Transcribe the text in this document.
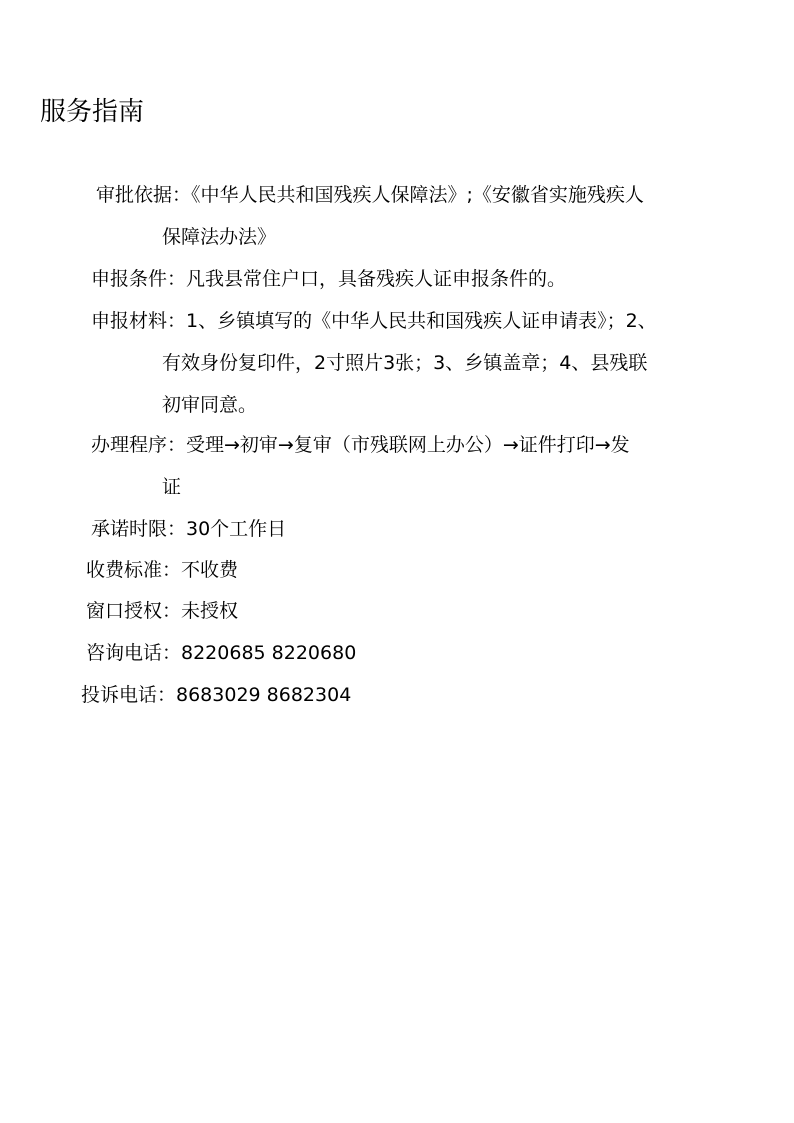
服务指南
审批依据：《中华人民共和国残疾人保障法》;《安徽省实施残疾人
保障法办法》
申报条件：凡我县常住户口，具备残疾人证申报条件的。
申报材料：1、乡镇填写的《中华人民共和国残疾人证申请表》；2、
有效身份复印件，2寸照片3张；3、乡镇盖章；4、县残联
初审同意。
办理程序：受理→初审→复审（市残联网上办公）→证件打印→发
证
承诺时限：30个工作日
收费标准：不收费
窗口授权：未授权
咨询电话：8220685 8220680
投诉电话：8683029 8682304
